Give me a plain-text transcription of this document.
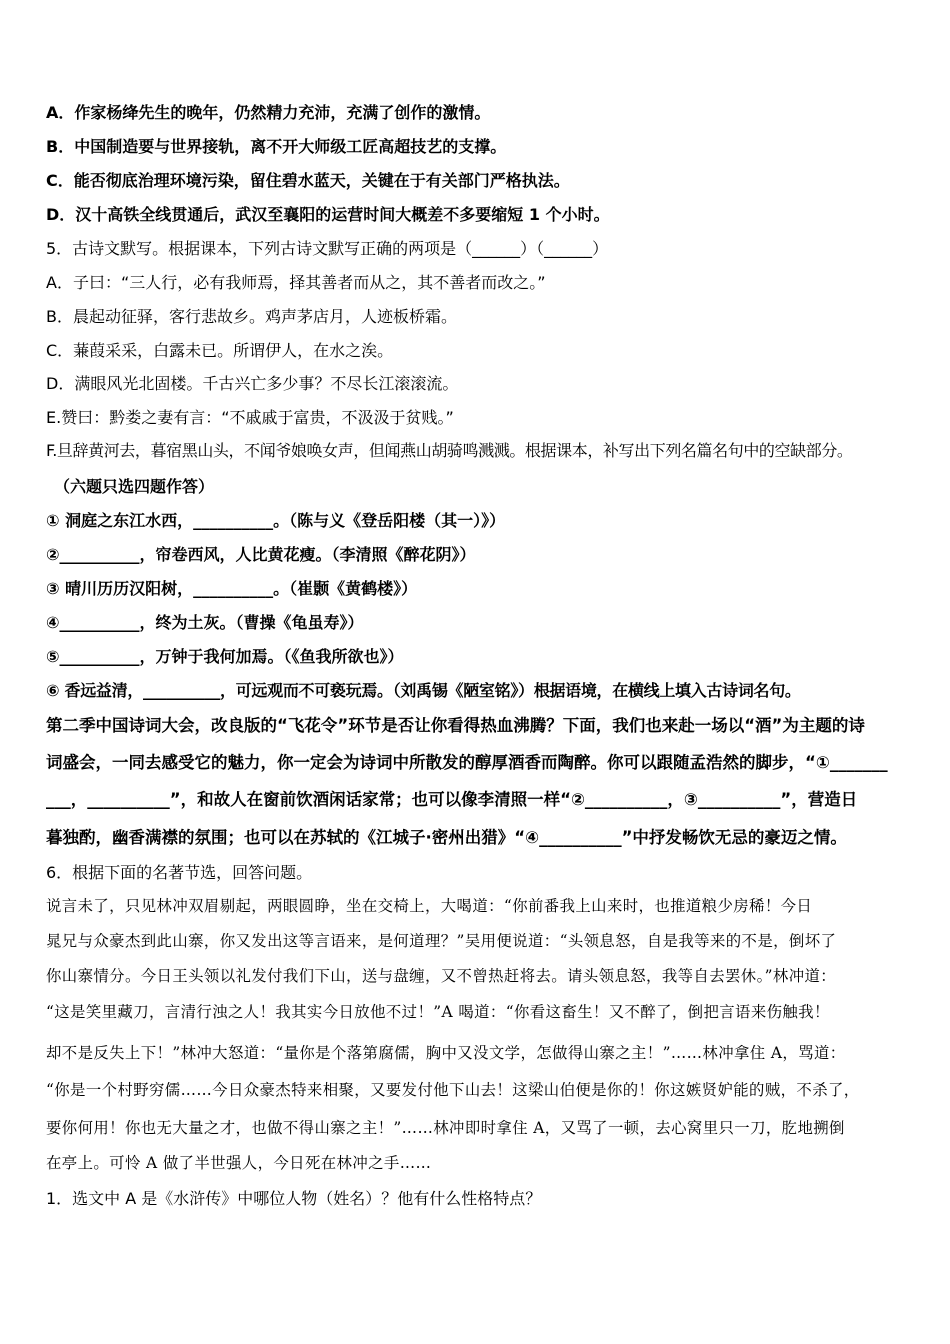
A．作家杨绛先生的晚年，仍然精力充沛，充满了创作的激情。
B．中国制造要与世界接轨，离不开大师级工匠高超技艺的支撑。
C．能否彻底治理环境污染，留住碧水蓝天，关键在于有关部门严格执法。
D．汉十高铁全线贯通后，武汉至襄阳的运营时间大概差不多要缩短 1 个小时。
5．古诗文默写。根据课本，下列古诗文默写正确的两项是（______）（______）
A．子曰：“三人行，必有我师焉，择其善者而从之，其不善者而改之。”
B．晨起动征驿，客行悲故乡。鸡声茅店月，人迹板桥霜。
C．蒹葭采采，白露未已。所谓伊人，在水之涘。
D．满眼风光北固楼。千古兴亡多少事？不尽长江滚滚流。
E.赞曰：黔娄之妻有言：“不戚戚于富贵，不汲汲于贫贱。”
F.旦辞黄河去，暮宿黑山头，不闻爷娘唤女声，但闻燕山胡骑鸣溅溅。根据课本，补写出下列名篇名句中的空缺部分。
（六题只选四题作答）
① 洞庭之东江水西，__________。（陈与义《登岳阳楼（其一）》）
②__________，帘卷西风，人比黄花瘦。（李清照《醉花阴》）
③ 晴川历历汉阳树，__________。（崔颢《黄鹤楼》）
④__________，终为土灰。（曹操《龟虽寿》）
⑤__________，万钟于我何加焉。（《鱼我所欲也》）
⑥ 香远益清，__________，可远观而不可亵玩焉。（刘禹锡《陋室铭》）根据语境，在横线上填入古诗词名句。
第二季中国诗词大会，改良版的“飞花令”环节是否让你看得热血沸腾？下面，我们也来赴一场以“酒”为主题的诗
词盛会，一同去感受它的魅力，你一定会为诗词中所散发的醇厚酒香而陶醉。你可以跟随孟浩然的脚步，“①_______
___，__________”，和故人在窗前饮酒闲话家常；也可以像李清照一样“②__________，③__________”，营造日
暮独酌，幽香满襟的氛围；也可以在苏轼的《江城子·密州出猎》“④__________”中抒发畅饮无忌的豪迈之情。
6．根据下面的名著节选，回答问题。
说言未了，只见林冲双眉剔起，两眼圆睁，坐在交椅上，大喝道：“你前番我上山来时，也推道粮少房稀！今日
晁兄与众豪杰到此山寨，你又发出这等言语来，是何道理？”吴用便说道：“头领息怒，自是我等来的不是，倒坏了
你山寨情分。今日王头领以礼发付我们下山，送与盘缠，又不曾热赶将去。请头领息怒，我等自去罢休。”林冲道：
“这是笑里藏刀，言清行浊之人！我其实今日放他不过！”A 喝道：“你看这畜生！又不醉了，倒把言语来伤触我！
却不是反失上下！”林冲大怒道：“量你是个落第腐儒，胸中又没文学，怎做得山寨之主！”……林冲拿住 A，骂道：
“你是一个村野穷儒……今日众豪杰特来相聚，又要发付他下山去！这梁山伯便是你的！你这嫉贤妒能的贼，不杀了，
要你何用！你也无大量之才，也做不得山寨之主！”……林冲即时拿住 A，又骂了一顿，去心窝里只一刀，肐地搠倒
在亭上。可怜 A 做了半世强人，今日死在林冲之手……
1．选文中 A 是《水浒传》中哪位人物（姓名）？他有什么性格特点？
